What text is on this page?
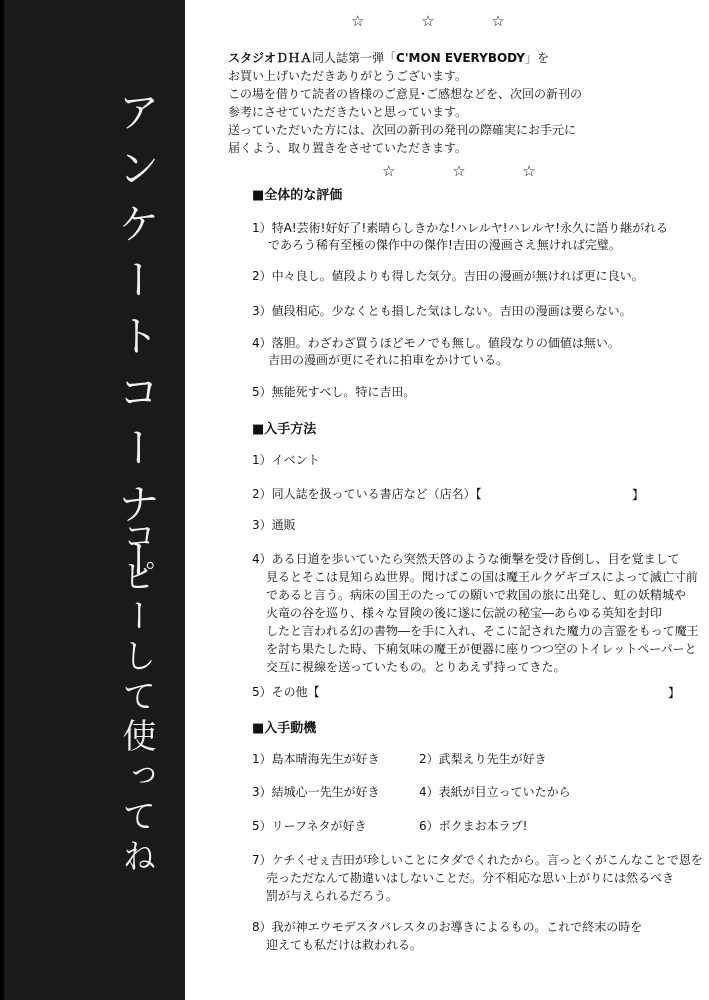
アンケートコーナー
コピーして使ってね
☆ ☆ ☆
スタジオＤＨＡ同人誌第一弾「C'MON EVERYBODY」を
お買い上げいただきありがとうございます。
この場を借りて読者の皆様のご意見･ご感想などを、次回の新刊の
参考にさせていただきたいと思っています。
送っていただいた方には、次回の新刊の発刊の際確実にお手元に
届くよう、取り置きをさせていただきます。
☆ ☆ ☆
■全体的な評価
1）特A!芸術!好好了!素晴らしきかな!ハレルヤ!ハレルヤ!永久に語り継がれる
であろう稀有至極の傑作中の傑作!吉田の漫画さえ無ければ完璧。
2）中々良し。値段よりも得した気分。吉田の漫画が無ければ更に良い。
3）値段相応。少なくとも損した気はしない。吉田の漫画は要らない。
4）落胆。わざわざ買うほどモノでも無し。値段なりの価値は無い。
吉田の漫画が更にそれに拍車をかけている。
5）無能死すべし。特に吉田。
■入手方法
1）イベント
2）同人誌を扱っている書店など（店名）【	】
3）通販
4）ある日道を歩いていたら突然天啓のような衝撃を受け昏倒し、目を覚まして
見るとそこは見知らぬ世界。聞けばこの国は魔王ルクゲギゴスによって滅亡寸前
であると言う。病床の国王のたっての願いで救国の旅に出発し、虹の妖精城や
火竜の谷を巡り、様々な冒険の後に遂に伝説の秘宝―あらゆる英知を封印
したと言われる幻の書物―を手に入れ、そこに記された魔力の言霊をもって魔王
を討ち果たした時、下痢気味の魔王が便器に座りつつ空のトイレットペーパーと
交互に視線を送っていたもの。とりあえず持ってきた。
5）その他【	】
■入手動機
1）島本晴海先生が好き	2）武梨えり先生が好き
3）結城心一先生が好き	4）表紙が目立っていたから
5）リーフネタが好き	6）ボクまお本ラブ!
7）ケチくせぇ吉田が珍しいことにタダでくれたから。言っとくがこんなことで恩を
売っただなんて勘違いはしないことだ。分不相応な思い上がりには然るべき
罰が与えられるだろう。
8）我が神エウモデスタバレスタのお導きによるもの。これで終末の時を
迎えても私だけは救われる。
